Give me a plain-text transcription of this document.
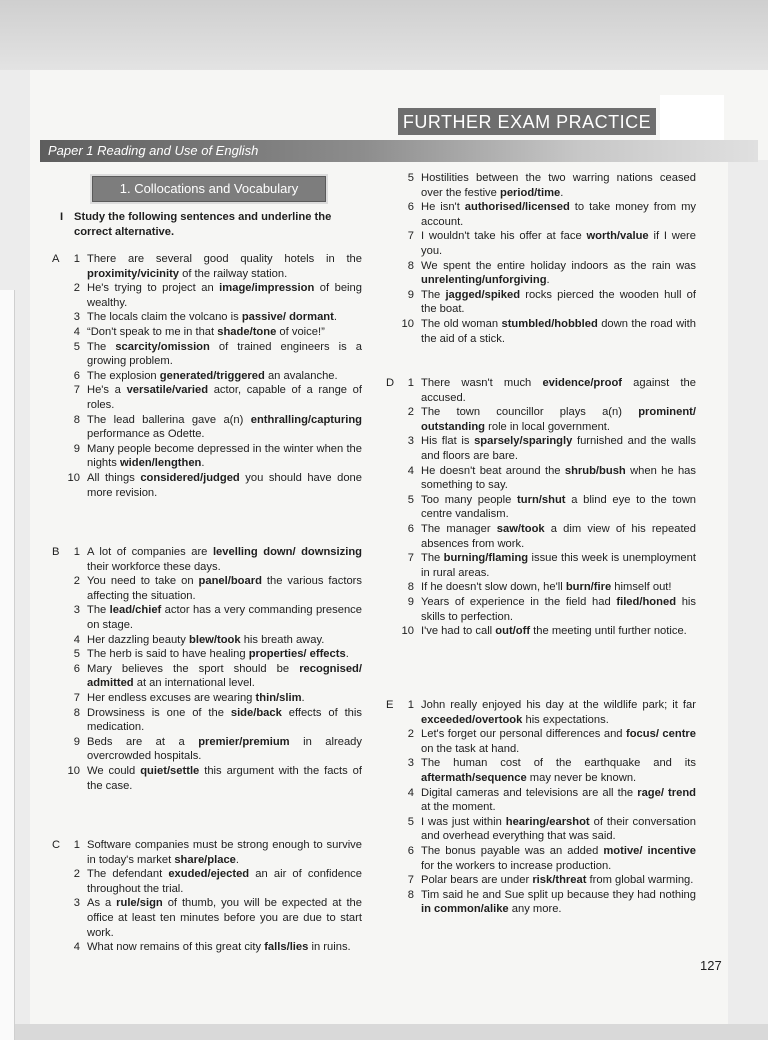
FURTHER EXAM PRACTICE
Paper 1 Reading and Use of English
1. Collocations and Vocabulary
I Study the following sentences and underline the correct alternative.
A	1 There are several good quality hotels in the proximity/vicinity of the railway station.
2 He's trying to project an image/impression of being wealthy.
3 The locals claim the volcano is passive/ dormant.
4 “Don't speak to me in that shade/tone of voice!”
5 The scarcity/omission of trained engineers is a growing problem.
6 The explosion generated/triggered an avalanche.
7 He's a versatile/varied actor, capable of a range of roles.
8 The lead ballerina gave a(n) enthralling/capturing performance as Odette.
9 Many people become depressed in the winter when the nights widen/lengthen.
10 All things considered/judged you should have done more revision.
B	1 A lot of companies are levelling down/ downsizing their workforce these days.
2 You need to take on panel/board the various factors affecting the situation.
3 The lead/chief actor has a very commanding presence on stage.
4 Her dazzling beauty blew/took his breath away.
5 The herb is said to have healing properties/ effects.
6 Mary believes the sport should be recognised/ admitted at an international level.
7 Her endless excuses are wearing thin/slim.
8 Drowsiness is one of the side/back effects of this medication.
9 Beds are at a premier/premium in already overcrowded hospitals.
10 We could quiet/settle this argument with the facts of the case.
C	1 Software companies must be strong enough to survive in today's market share/place.
2 The defendant exuded/ejected an air of confidence throughout the trial.
3 As a rule/sign of thumb, you will be expected at the office at least ten minutes before you are due to start work.
4 What now remains of this great city falls/lies in ruins.
5 Hostilities between the two warring nations ceased over the festive period/time.
6 He isn't authorised/licensed to take money from my account.
7 I wouldn't take his offer at face worth/value if I were you.
8 We spent the entire holiday indoors as the rain was unrelenting/unforgiving.
9 The jagged/spiked rocks pierced the wooden hull of the boat.
10 The old woman stumbled/hobbled down the road with the aid of a stick.
D	1 There wasn't much evidence/proof against the accused.
2 The town councillor plays a(n) prominent/ outstanding role in local government.
3 His flat is sparsely/sparingly furnished and the walls and floors are bare.
4 He doesn't beat around the shrub/bush when he has something to say.
5 Too many people turn/shut a blind eye to the town centre vandalism.
6 The manager saw/took a dim view of his repeated absences from work.
7 The burning/flaming issue this week is unemployment in rural areas.
8 If he doesn't slow down, he'll burn/fire himself out!
9 Years of experience in the field had filed/honed his skills to perfection.
10 I've had to call out/off the meeting until further notice.
E	1 John really enjoyed his day at the wildlife park; it far exceeded/overtook his expectations.
2 Let's forget our personal differences and focus/ centre on the task at hand.
3 The human cost of the earthquake and its aftermath/sequence may never be known.
4 Digital cameras and televisions are all the rage/ trend at the moment.
5 I was just within hearing/earshot of their conversation and overhead everything that was said.
6 The bonus payable was an added motive/ incentive for the workers to increase production.
7 Polar bears are under risk/threat from global warming.
8 Tim said he and Sue split up because they had nothing in common/alike any more.
127
